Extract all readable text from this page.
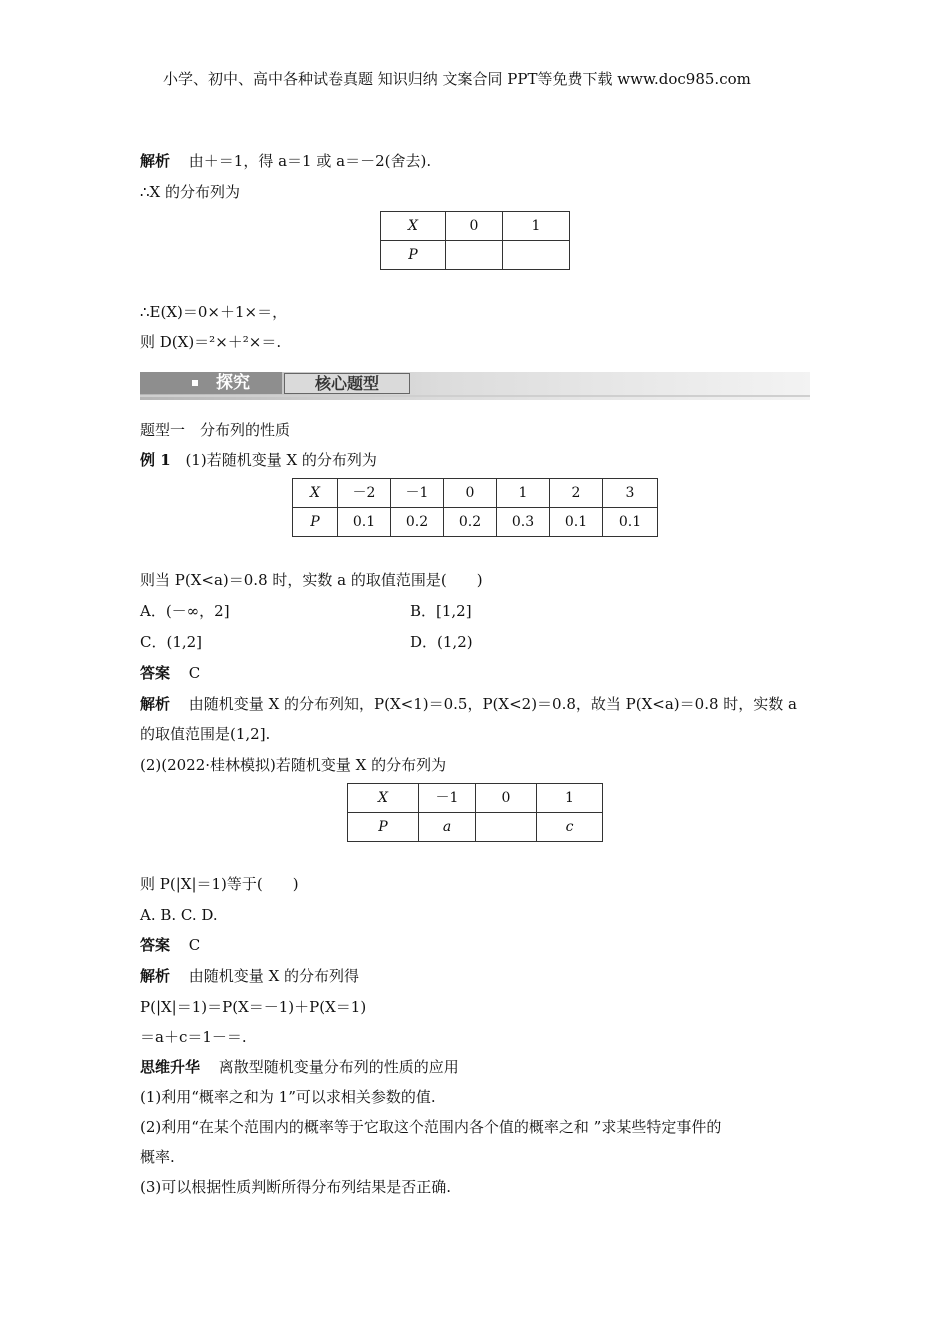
小学、初中、高中各种试卷真题 知识归纳 文案合同 PPT等免费下载 www.doc985.com
解析 由＋＝1，得 a＝1 或 a＝－2(舍去).
∴X 的分布列为
X	0	1
P		
∴E(X)＝0×＋1×＝，
则 D(X)＝²×＋²×＝.
探究	核心题型
题型一　分布列的性质
例 1 (1)若随机变量 X 的分布列为
X	－2	－1	0	1	2	3
P	0.1	0.2	0.2	0.3	0.1	0.1
则当 P(X<a)＝0.8 时，实数 a 的取值范围是(　　)
A．(－∞，2]	B．[1,2]
C．(1,2]	D．(1,2)
答案 C
解析 由随机变量 X 的分布列知，P(X<1)＝0.5，P(X<2)＝0.8，故当 P(X<a)＝0.8 时，实数 a
的取值范围是(1,2].
(2)(2022·桂林模拟)若随机变量 X 的分布列为
X	－1	0	1
P	a		c
则 P(|X|＝1)等于(　　)
A. B. C. D.
答案 C
解析 由随机变量 X 的分布列得
P(|X|＝1)＝P(X＝－1)＋P(X＝1)
＝a＋c＝1－＝.
思维升华 离散型随机变量分布列的性质的应用
(1)利用“概率之和为 1”可以求相关参数的值.
(2)利用“在某个范围内的概率等于它取这个范围内各个值的概率之和 ”求某些特定事件的
概率.
(3)可以根据性质判断所得分布列结果是否正确.
